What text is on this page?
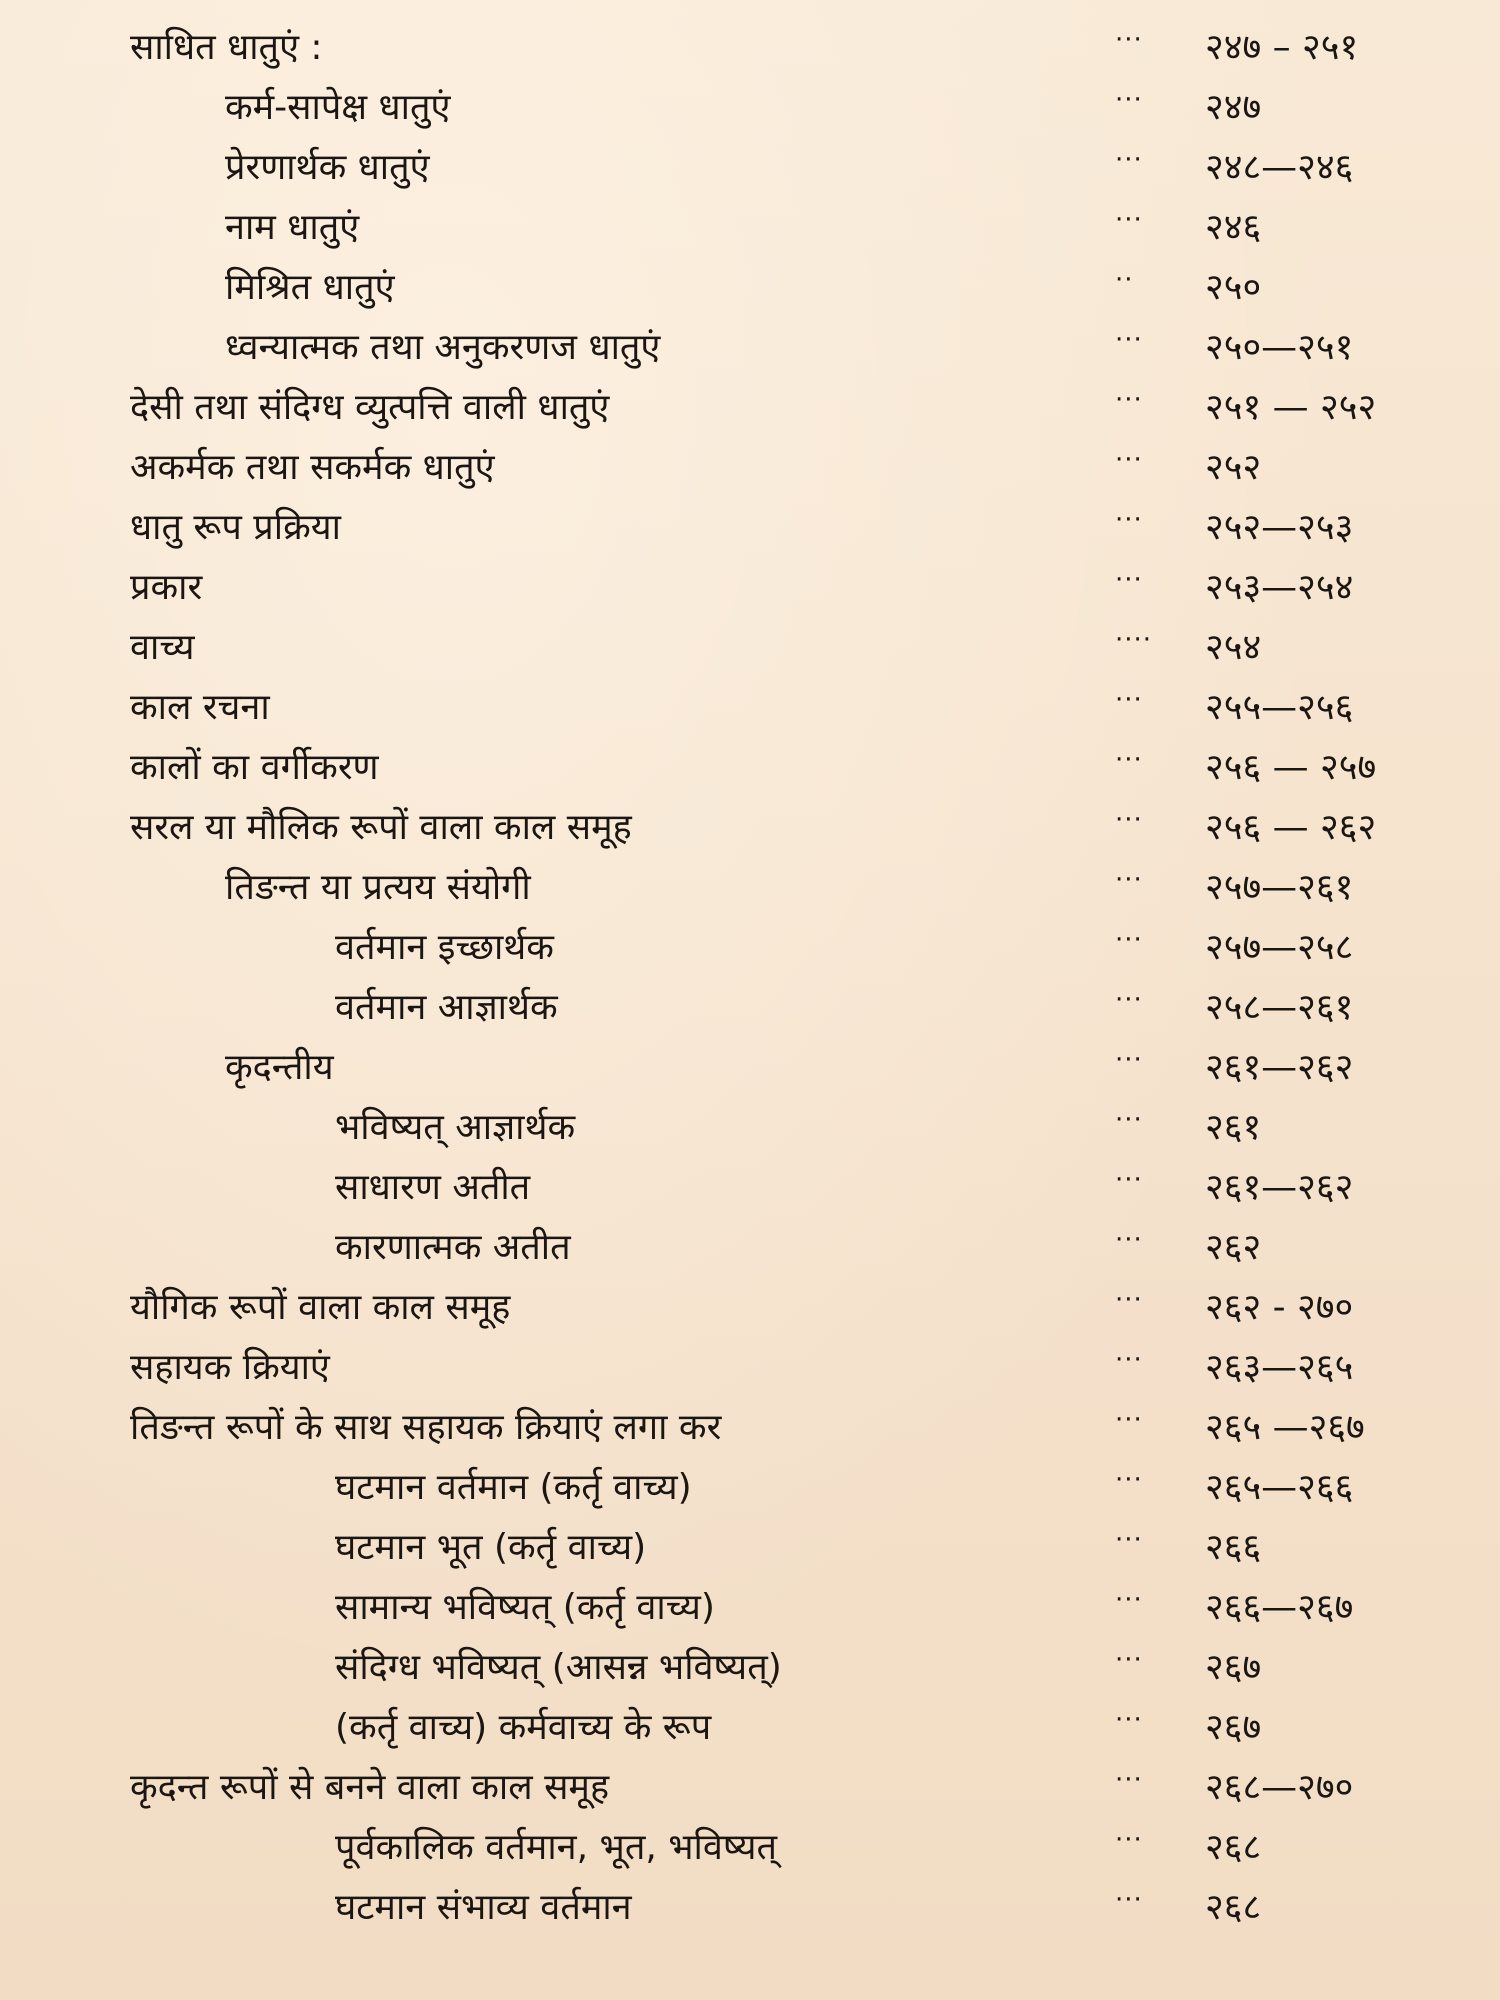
साधित धातुएं :	··· २४७ – २५१
कर्म-सापेक्ष धातुएं	··· २४७
प्रेरणार्थक धातुएं	··· २४८—२४६
नाम धातुएं	··· २४६
मिश्रित धातुएं	·· २५०
ध्वन्यात्मक तथा अनुकरणज धातुएं	··· २५०—२५१
देसी तथा संदिग्ध व्युत्पत्ति वाली धातुएं	··· २५१ — २५२
अकर्मक तथा सकर्मक धातुएं	··· २५२
धातु रूप प्रक्रिया	··· २५२—२५३
प्रकार	··· २५३—२५४
वाच्य	···· २५४
काल रचना	··· २५५—२५६
कालों का वर्गीकरण	··· २५६ — २५७
सरल या मौलिक रूपों वाला काल समूह	··· २५६ — २६२
तिङन्त या प्रत्यय संयोगी	··· २५७—२६१
वर्तमान इच्छार्थक	··· २५७—२५८
वर्तमान आज्ञार्थक	··· २५८—२६१
कृदन्तीय	··· २६१—२६२
भविष्यत् आज्ञार्थक	··· २६१
साधारण अतीत	··· २६१—२६२
कारणात्मक अतीत	··· २६२
यौगिक रूपों वाला काल समूह	··· २६२ - २७०
सहायक क्रियाएं	··· २६३—२६५
तिङन्त रूपों के साथ सहायक क्रियाएं लगा कर	··· २६५ —२६७
घटमान वर्तमान (कर्तृ वाच्य)	··· २६५—२६६
घटमान भूत (कर्तृ वाच्य)	··· २६६
सामान्य भविष्यत् (कर्तृ वाच्य)	··· २६६—२६७
संदिग्ध भविष्यत् (आसन्न भविष्यत्)	··· २६७
(कर्तृ वाच्य) कर्मवाच्य के रूप	··· २६७
कृदन्त रूपों से बनने वाला काल समूह	··· २६८—२७०
पूर्वकालिक वर्तमान, भूत, भविष्यत्	··· २६८
घटमान संभाव्य वर्तमान	··· २६८
